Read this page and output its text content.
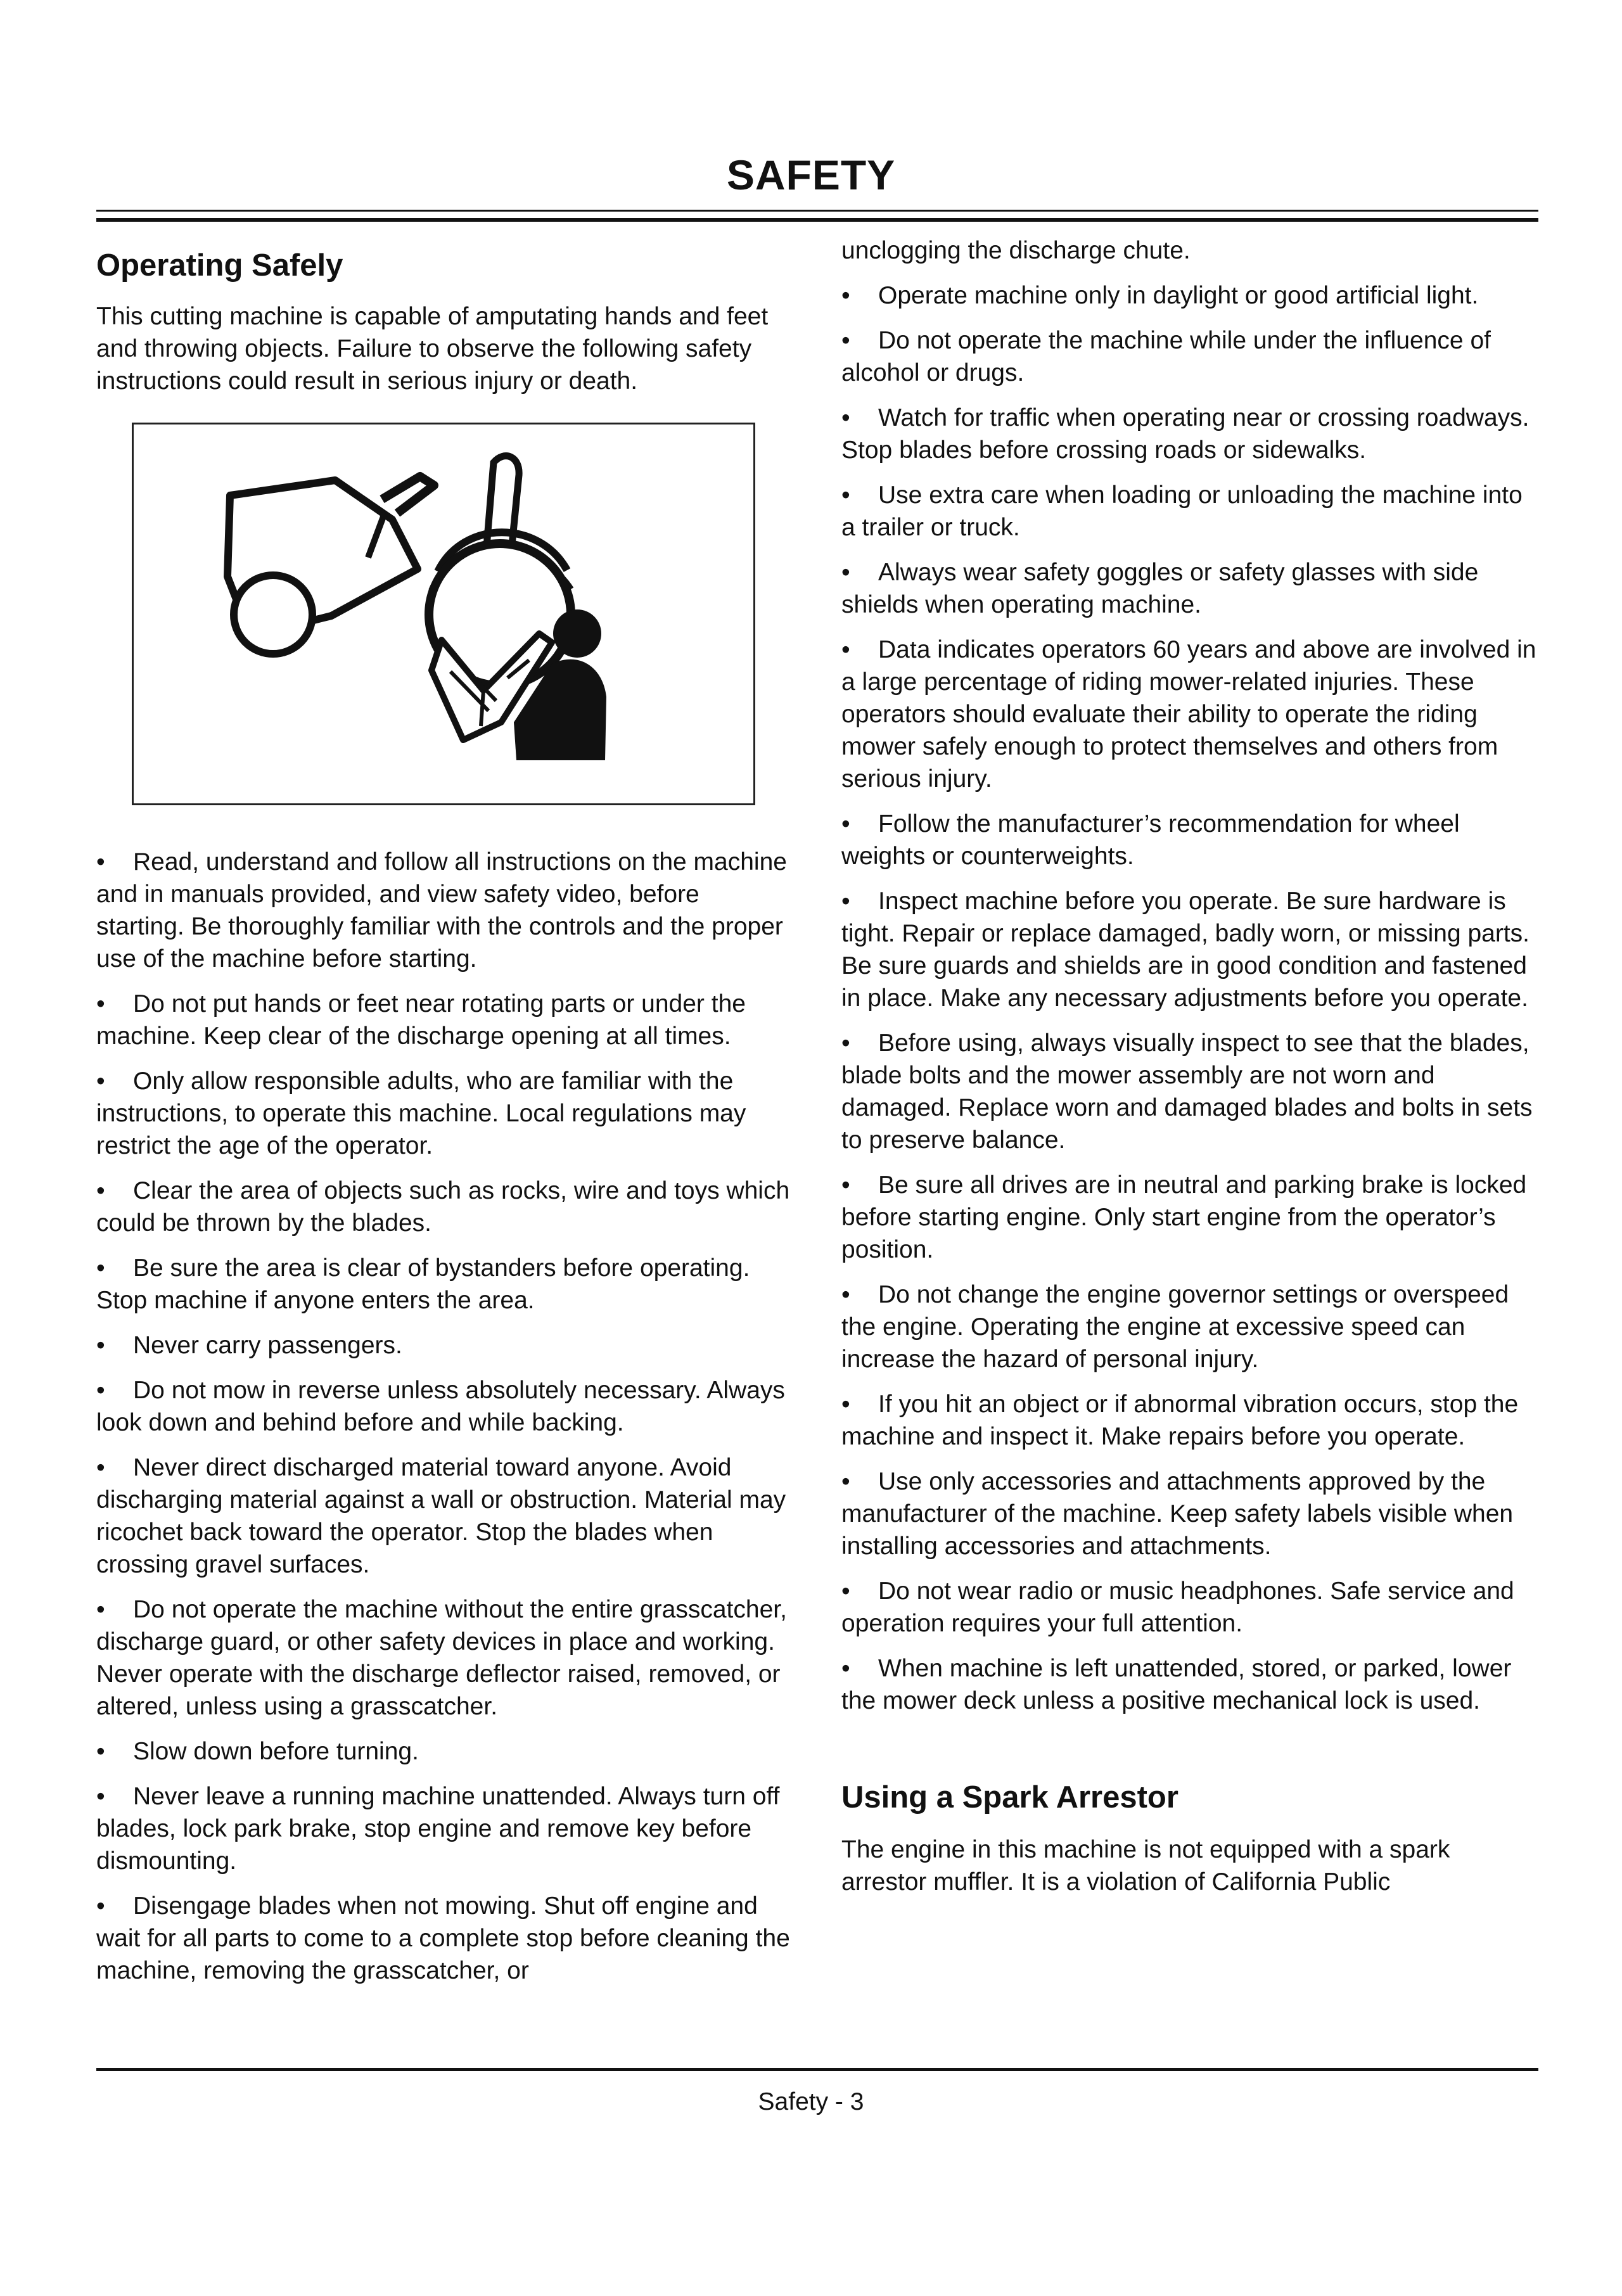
SAFETY
Operating Safely

This cutting machine is capable of amputating hands and feet and throwing objects. Failure to observe the following safety instructions could result in serious injury or death.

• Read, understand and follow all instructions on the machine and in manuals provided, and view safety video, before starting. Be thoroughly familiar with the controls and the proper use of the machine before starting.
• Do not put hands or feet near rotating parts or under the machine. Keep clear of the discharge opening at all times.
• Only allow responsible adults, who are familiar with the instructions, to operate this machine. Local regulations may restrict the age of the operator.
• Clear the area of objects such as rocks, wire and toys which could be thrown by the blades.
• Be sure the area is clear of bystanders before operating. Stop machine if anyone enters the area.
• Never carry passengers.
• Do not mow in reverse unless absolutely necessary. Always look down and behind before and while backing.
• Never direct discharged material toward anyone. Avoid discharging material against a wall or obstruction. Material may ricochet back toward the operator. Stop the blades when crossing gravel surfaces.
• Do not operate the machine without the entire grasscatcher, discharge guard, or other safety devices in place and working. Never operate with the discharge deflector raised, removed, or altered, unless using a grasscatcher.
• Slow down before turning.
• Never leave a running machine unattended. Always turn off blades, lock park brake, stop engine and remove key before dismounting.
• Disengage blades when not mowing. Shut off engine and wait for all parts to come to a complete stop before cleaning the machine, removing the grasscatcher, or

unclogging the discharge chute.

• Operate machine only in daylight or good artificial light.
• Do not operate the machine while under the influence of alcohol or drugs.
• Watch for traffic when operating near or crossing roadways. Stop blades before crossing roads or sidewalks.
• Use extra care when loading or unloading the machine into a trailer or truck.
• Always wear safety goggles or safety glasses with side shields when operating machine.
• Data indicates operators 60 years and above are involved in a large percentage of riding mower-related injuries. These operators should evaluate their ability to operate the riding mower safely enough to protect themselves and others from serious injury.
• Follow the manufacturer’s recommendation for wheel weights or counterweights.
• Inspect machine before you operate. Be sure hardware is tight. Repair or replace damaged, badly worn, or missing parts. Be sure guards and shields are in good condition and fastened in place. Make any necessary adjustments before you operate.
• Before using, always visually inspect to see that the blades, blade bolts and the mower assembly are not worn and damaged. Replace worn and damaged blades and bolts in sets to preserve balance.
• Be sure all drives are in neutral and parking brake is locked before starting engine. Only start engine from the operator’s position.
• Do not change the engine governor settings or overspeed the engine. Operating the engine at excessive speed can increase the hazard of personal injury.
• If you hit an object or if abnormal vibration occurs, stop the machine and inspect it. Make repairs before you operate.
• Use only accessories and attachments approved by the manufacturer of the machine. Keep safety labels visible when installing accessories and attachments.
• Do not wear radio or music headphones. Safe service and operation requires your full attention.
• When machine is left unattended, stored, or parked, lower the mower deck unless a positive mechanical lock is used.
Using a Spark Arrestor

The engine in this machine is not equipped with a spark arrestor muffler. It is a violation of California Public

Safety - 3
